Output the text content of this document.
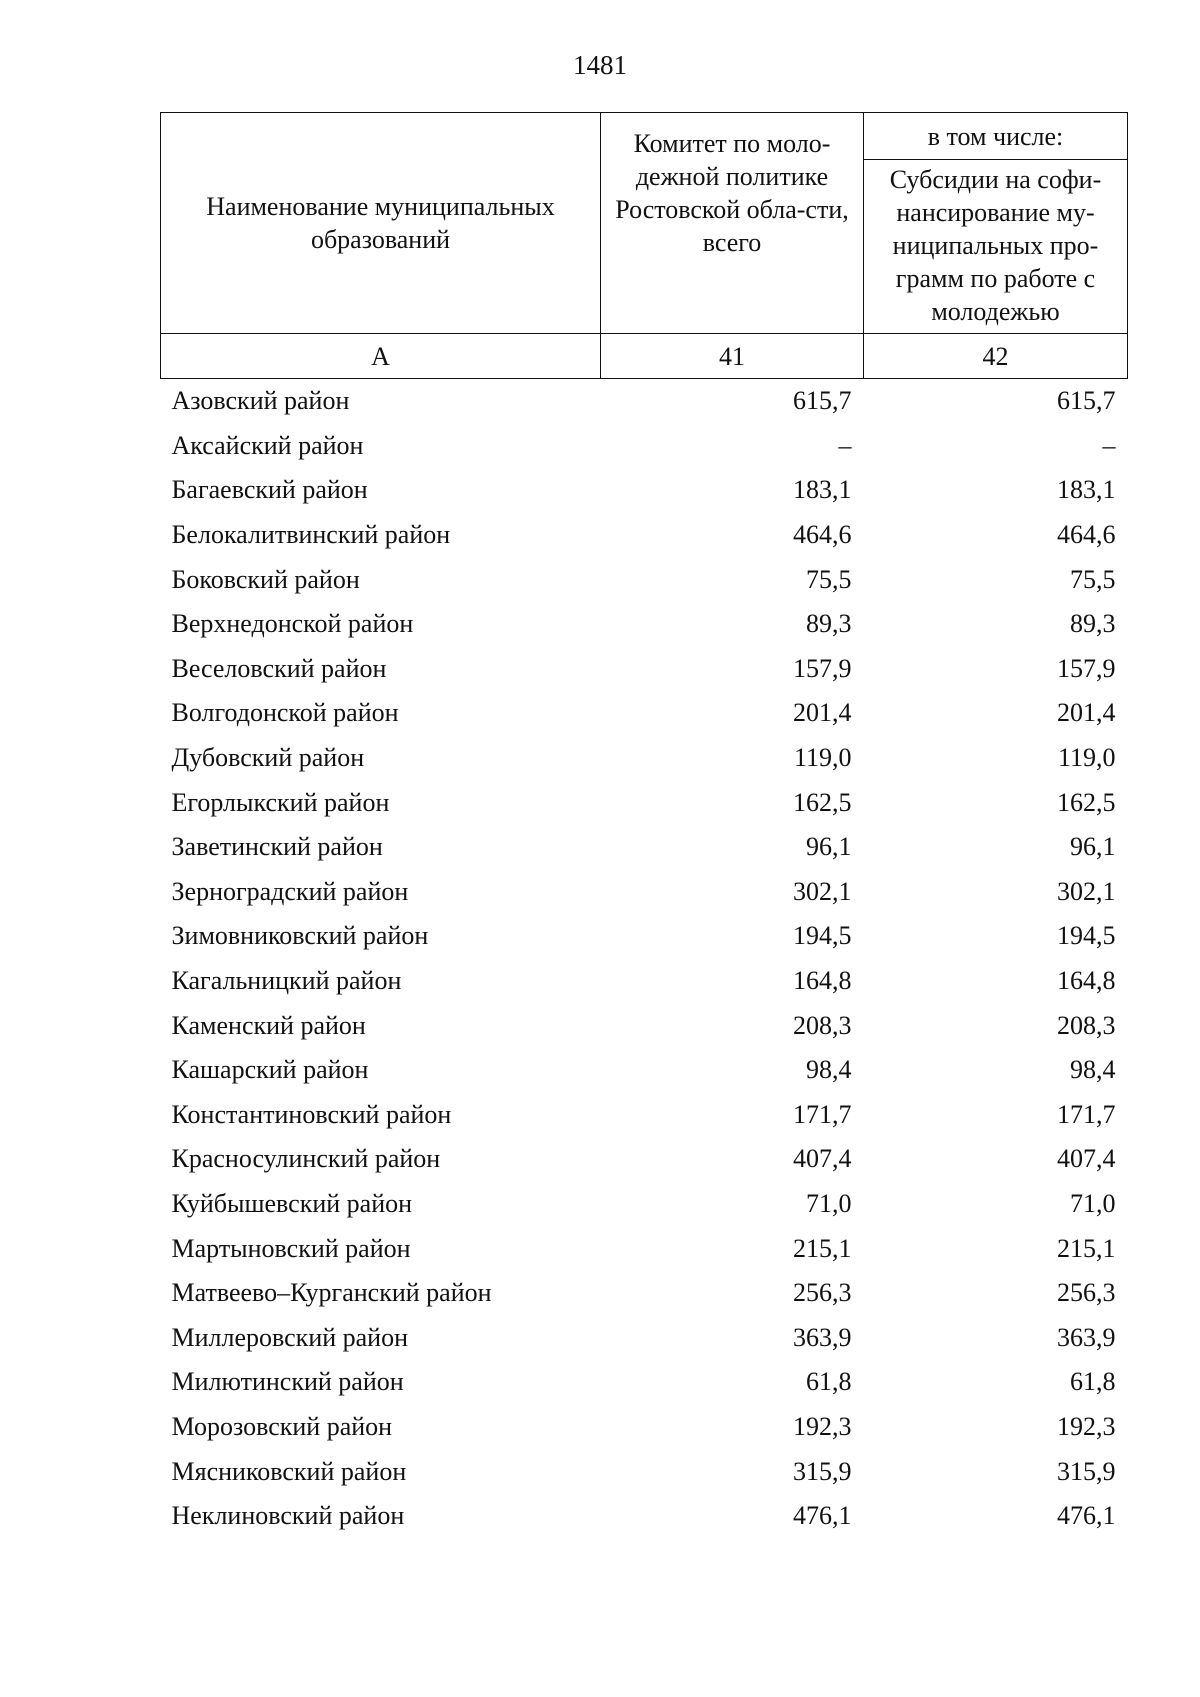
1481
Наименование муниципальных образований	Комитет по моло-дежной политике Ростовской обла-сти, всего	в том числе:
		Субсидии на софи-нансирование му-ниципальных про-грамм по работе с молодежью
А	41	42
Азовский район	615,7	615,7
Аксайский район	–	–
Багаевский район	183,1	183,1
Белокалитвинский район	464,6	464,6
Боковский район	75,5	75,5
Верхнедонской район	89,3	89,3
Веселовский район	157,9	157,9
Волгодонской район	201,4	201,4
Дубовский район	119,0	119,0
Егорлыкский район	162,5	162,5
Заветинский район	96,1	96,1
Зерноградский район	302,1	302,1
Зимовниковский район	194,5	194,5
Кагальницкий район	164,8	164,8
Каменский район	208,3	208,3
Кашарский район	98,4	98,4
Константиновский район	171,7	171,7
Красносулинский район	407,4	407,4
Куйбышевский район	71,0	71,0
Мартыновский район	215,1	215,1
Матвеево–Курганский район	256,3	256,3
Миллеровский район	363,9	363,9
Милютинский район	61,8	61,8
Морозовский район	192,3	192,3
Мясниковский район	315,9	315,9
Неклиновский район	476,1	476,1
